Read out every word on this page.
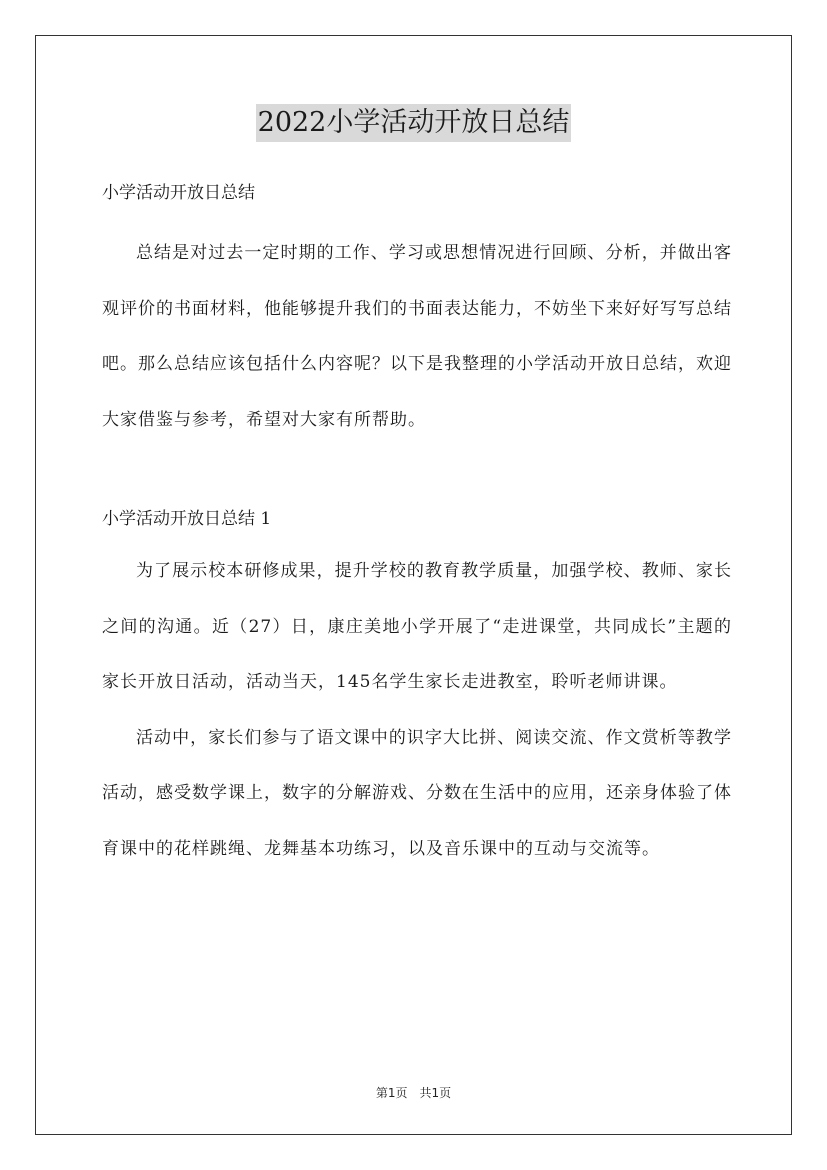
2022小学活动开放日总结

小学活动开放日总结

总结是对过去一定时期的工作、学习或思想情况进行回顾、分析，并做出客观评价的书面材料，他能够提升我们的书面表达能力，不妨坐下来好好写写总结吧。那么总结应该包括什么内容呢？以下是我整理的小学活动开放日总结，欢迎大家借鉴与参考，希望对大家有所帮助。

小学活动开放日总结 1

为了展示校本研修成果，提升学校的教育教学质量，加强学校、教师、家长之间的沟通。近（27）日，康庄美地小学开展了“走进课堂，共同成长”主题的家长开放日活动，活动当天，145名学生家长走进教室，聆听老师讲课。

活动中，家长们参与了语文课中的识字大比拼、阅读交流、作文赏析等教学活动，感受数学课上，数字的分解游戏、分数在生活中的应用，还亲身体验了体育课中的花样跳绳、龙舞基本功练习，以及音乐课中的互动与交流等。

第1页　共1页
